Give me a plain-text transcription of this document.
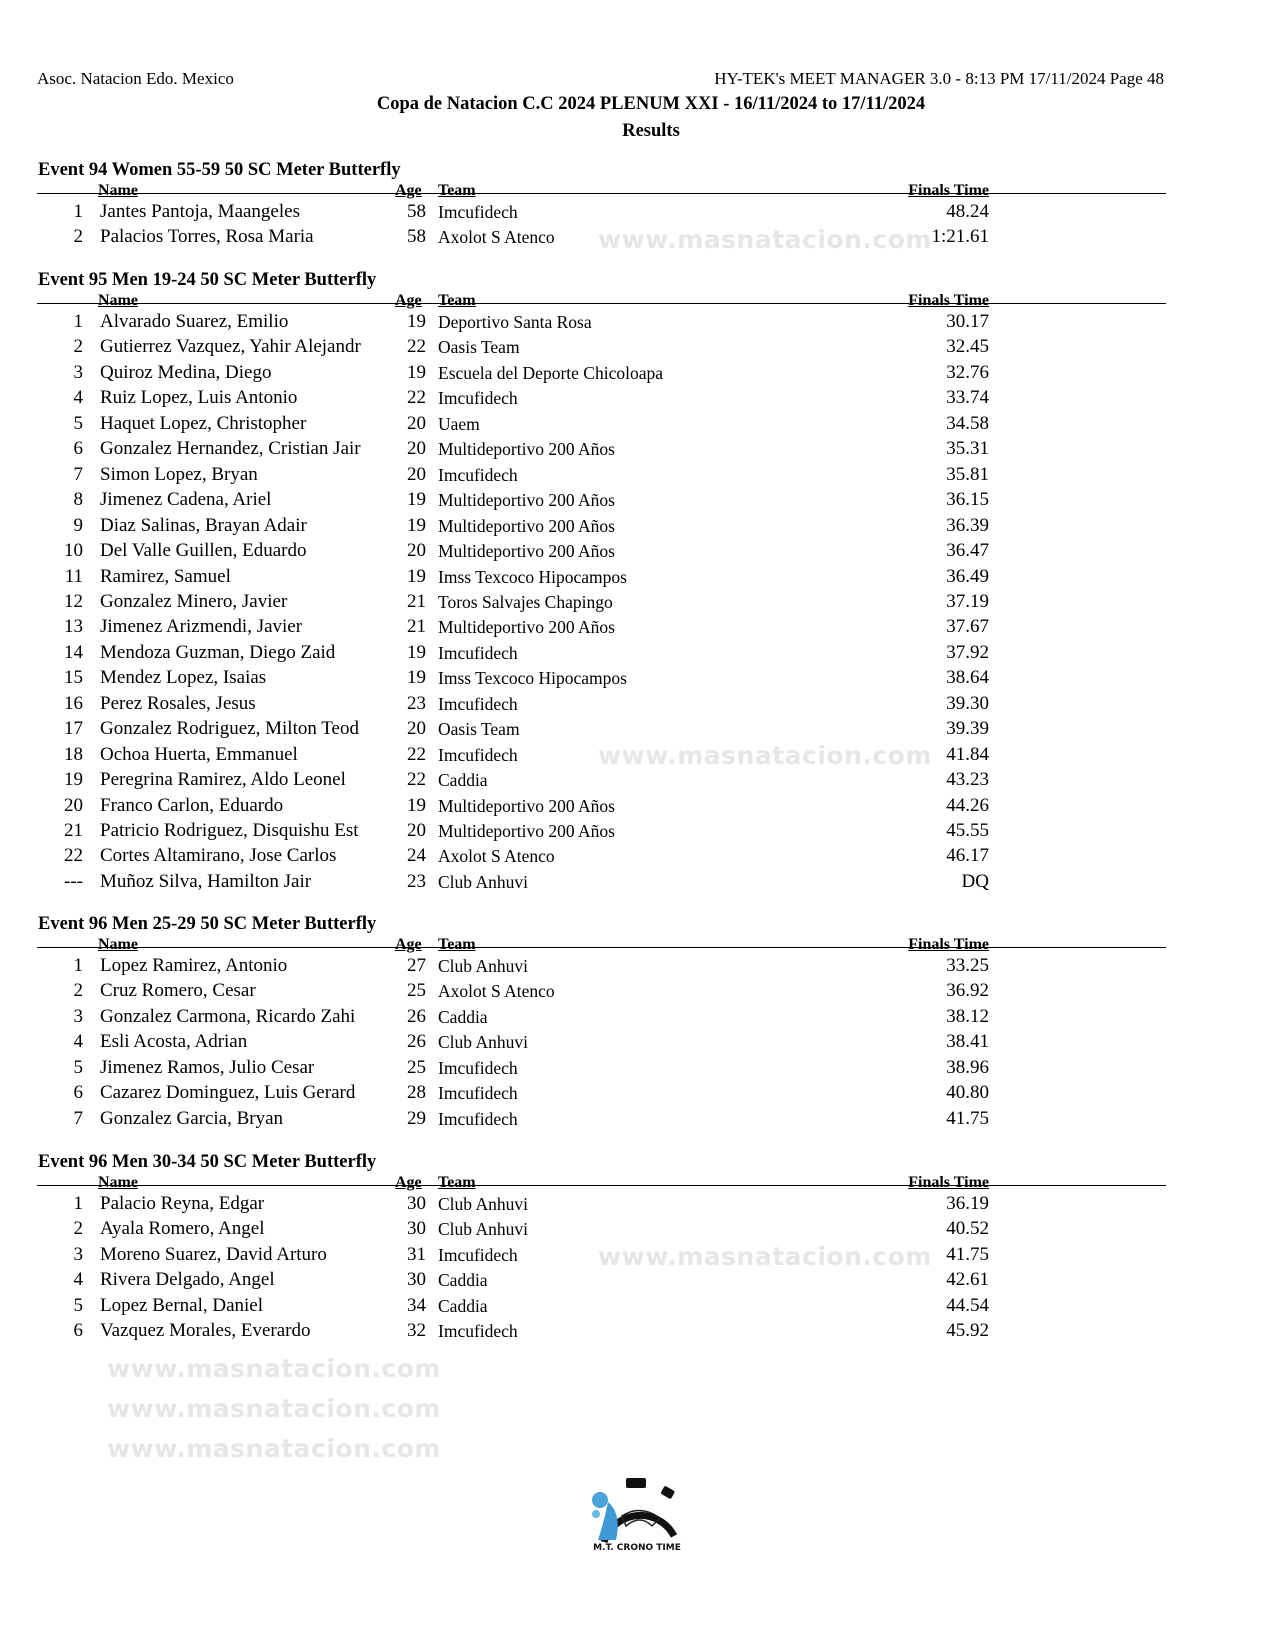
www.masnatacion.com
www.masnatacion.com
www.masnatacion.com
www.masnatacion.com
www.masnatacion.com
www.masnatacion.com
Asoc. Natacion Edo. Mexico	HY-TEK's MEET MANAGER 3.0 - 8:13 PM 17/11/2024 Page 48
Copa de Natacion C.C 2024 PLENUM XXI - 16/11/2024 to 17/11/2024
Results
Event 94 Women 55-59 50 SC Meter Butterfly
Name	Age Team	Finals Time
1 Jantes Pantoja, Maangeles	58 Imcufidech	48.24
2 Palacios Torres, Rosa Maria	58 Axolot S Atenco	1:21.61
Event 95 Men 19-24 50 SC Meter Butterfly
Name	Age Team	Finals Time
1 Alvarado Suarez, Emilio	19 Deportivo Santa Rosa	30.17
2 Gutierrez Vazquez, Yahir Alejandr	22 Oasis Team	32.45
3 Quiroz Medina, Diego	19 Escuela del Deporte Chicoloapa	32.76
4 Ruiz Lopez, Luis Antonio	22 Imcufidech	33.74
5 Haquet Lopez, Christopher	20 Uaem	34.58
6 Gonzalez Hernandez, Cristian Jair	20 Multideportivo 200 Años	35.31
7 Simon Lopez, Bryan	20 Imcufidech	35.81
8 Jimenez Cadena, Ariel	19 Multideportivo 200 Años	36.15
9 Diaz Salinas, Brayan Adair	19 Multideportivo 200 Años	36.39
10 Del Valle Guillen, Eduardo	20 Multideportivo 200 Años	36.47
11 Ramirez, Samuel	19 Imss Texcoco Hipocampos	36.49
12 Gonzalez Minero, Javier	21 Toros Salvajes Chapingo	37.19
13 Jimenez Arizmendi, Javier	21 Multideportivo 200 Años	37.67
14 Mendoza Guzman, Diego Zaid	19 Imcufidech	37.92
15 Mendez Lopez, Isaias	19 Imss Texcoco Hipocampos	38.64
16 Perez Rosales, Jesus	23 Imcufidech	39.30
17 Gonzalez Rodriguez, Milton Teod	20 Oasis Team	39.39
18 Ochoa Huerta, Emmanuel	22 Imcufidech	41.84
19 Peregrina Ramirez, Aldo Leonel	22 Caddia	43.23
20 Franco Carlon, Eduardo	19 Multideportivo 200 Años	44.26
21 Patricio Rodriguez, Disquishu Est	20 Multideportivo 200 Años	45.55
22 Cortes Altamirano, Jose Carlos	24 Axolot S Atenco	46.17
--- Muñoz Silva, Hamilton Jair	23 Club Anhuvi	DQ
Event 96 Men 25-29 50 SC Meter Butterfly
Name	Age Team	Finals Time
1 Lopez Ramirez, Antonio	27 Club Anhuvi	33.25
2 Cruz Romero, Cesar	25 Axolot S Atenco	36.92
3 Gonzalez Carmona, Ricardo Zahi	26 Caddia	38.12
4 Esli Acosta, Adrian	26 Club Anhuvi	38.41
5 Jimenez Ramos, Julio Cesar	25 Imcufidech	38.96
6 Cazarez Dominguez, Luis Gerard	28 Imcufidech	40.80
7 Gonzalez Garcia, Bryan	29 Imcufidech	41.75
Event 96 Men 30-34 50 SC Meter Butterfly
Name	Age Team	Finals Time
1 Palacio Reyna, Edgar	30 Club Anhuvi	36.19
2 Ayala Romero, Angel	30 Club Anhuvi	40.52
3 Moreno Suarez, David Arturo	31 Imcufidech	41.75
4 Rivera Delgado, Angel	30 Caddia	42.61
5 Lopez Bernal, Daniel	34 Caddia	44.54
6 Vazquez Morales, Everardo	32 Imcufidech	45.92
M.T. CRONO TIME
